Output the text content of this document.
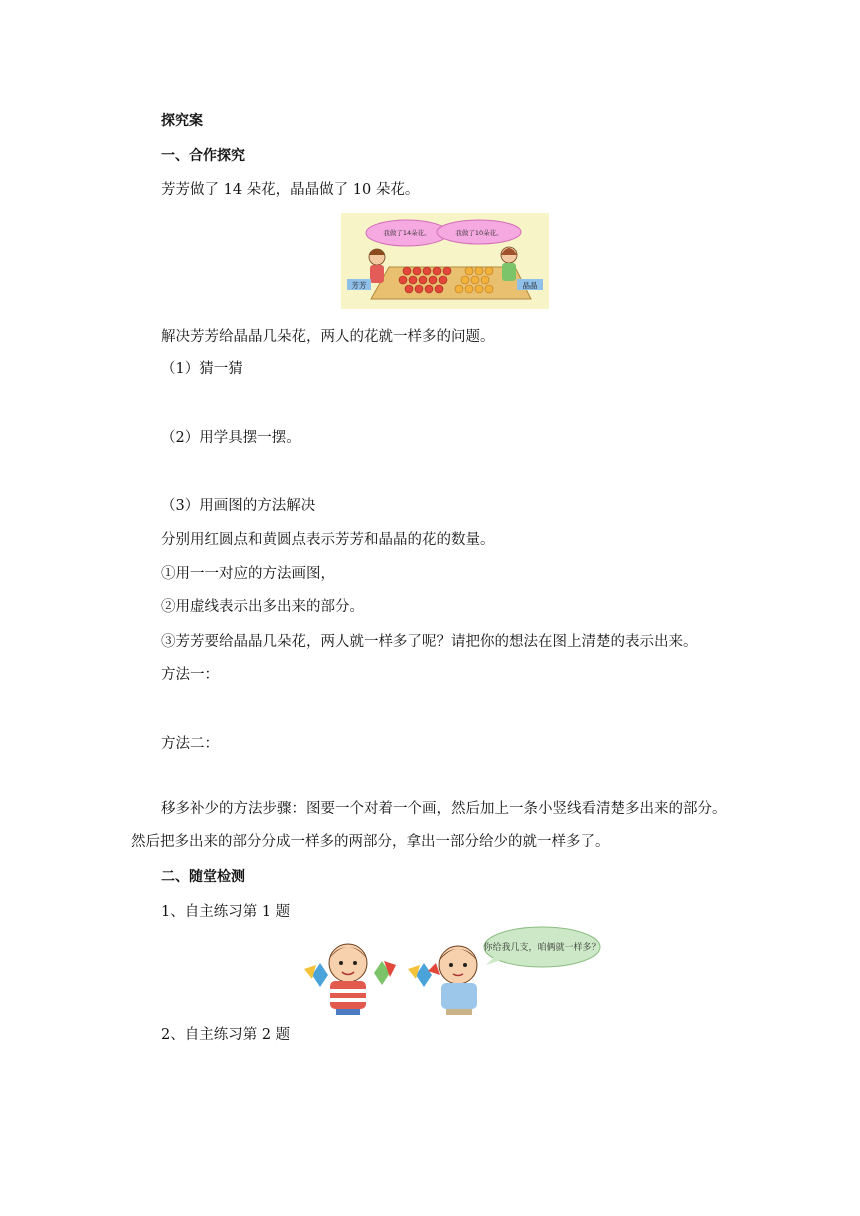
探究案
一、合作探究
芳芳做了 14 朵花，晶晶做了 10 朵花。
我做了14朵花。	我做了10朵花。
芳芳	晶晶
解决芳芳给晶晶几朵花，两人的花就一样多的问题。
（1）猜一猜
（2）用学具摆一摆。
（3）用画图的方法解决
分别用红圆点和黄圆点表示芳芳和晶晶的花的数量。
①用一一对应的方法画图，
②用虚线表示出多出来的部分。
③芳芳要给晶晶几朵花，两人就一样多了呢？请把你的想法在图上清楚的表示出来。
方法一：
方法二：
移多补少的方法步骤：图要一个对着一个画，然后加上一条小竖线看清楚多出来的部分。
然后把多出来的部分分成一样多的两部分，拿出一部分给少的就一样多了。
二、随堂检测
1、自主练习第 1 题
你给我几支，咱俩就一样多？
2、自主练习第 2 题
